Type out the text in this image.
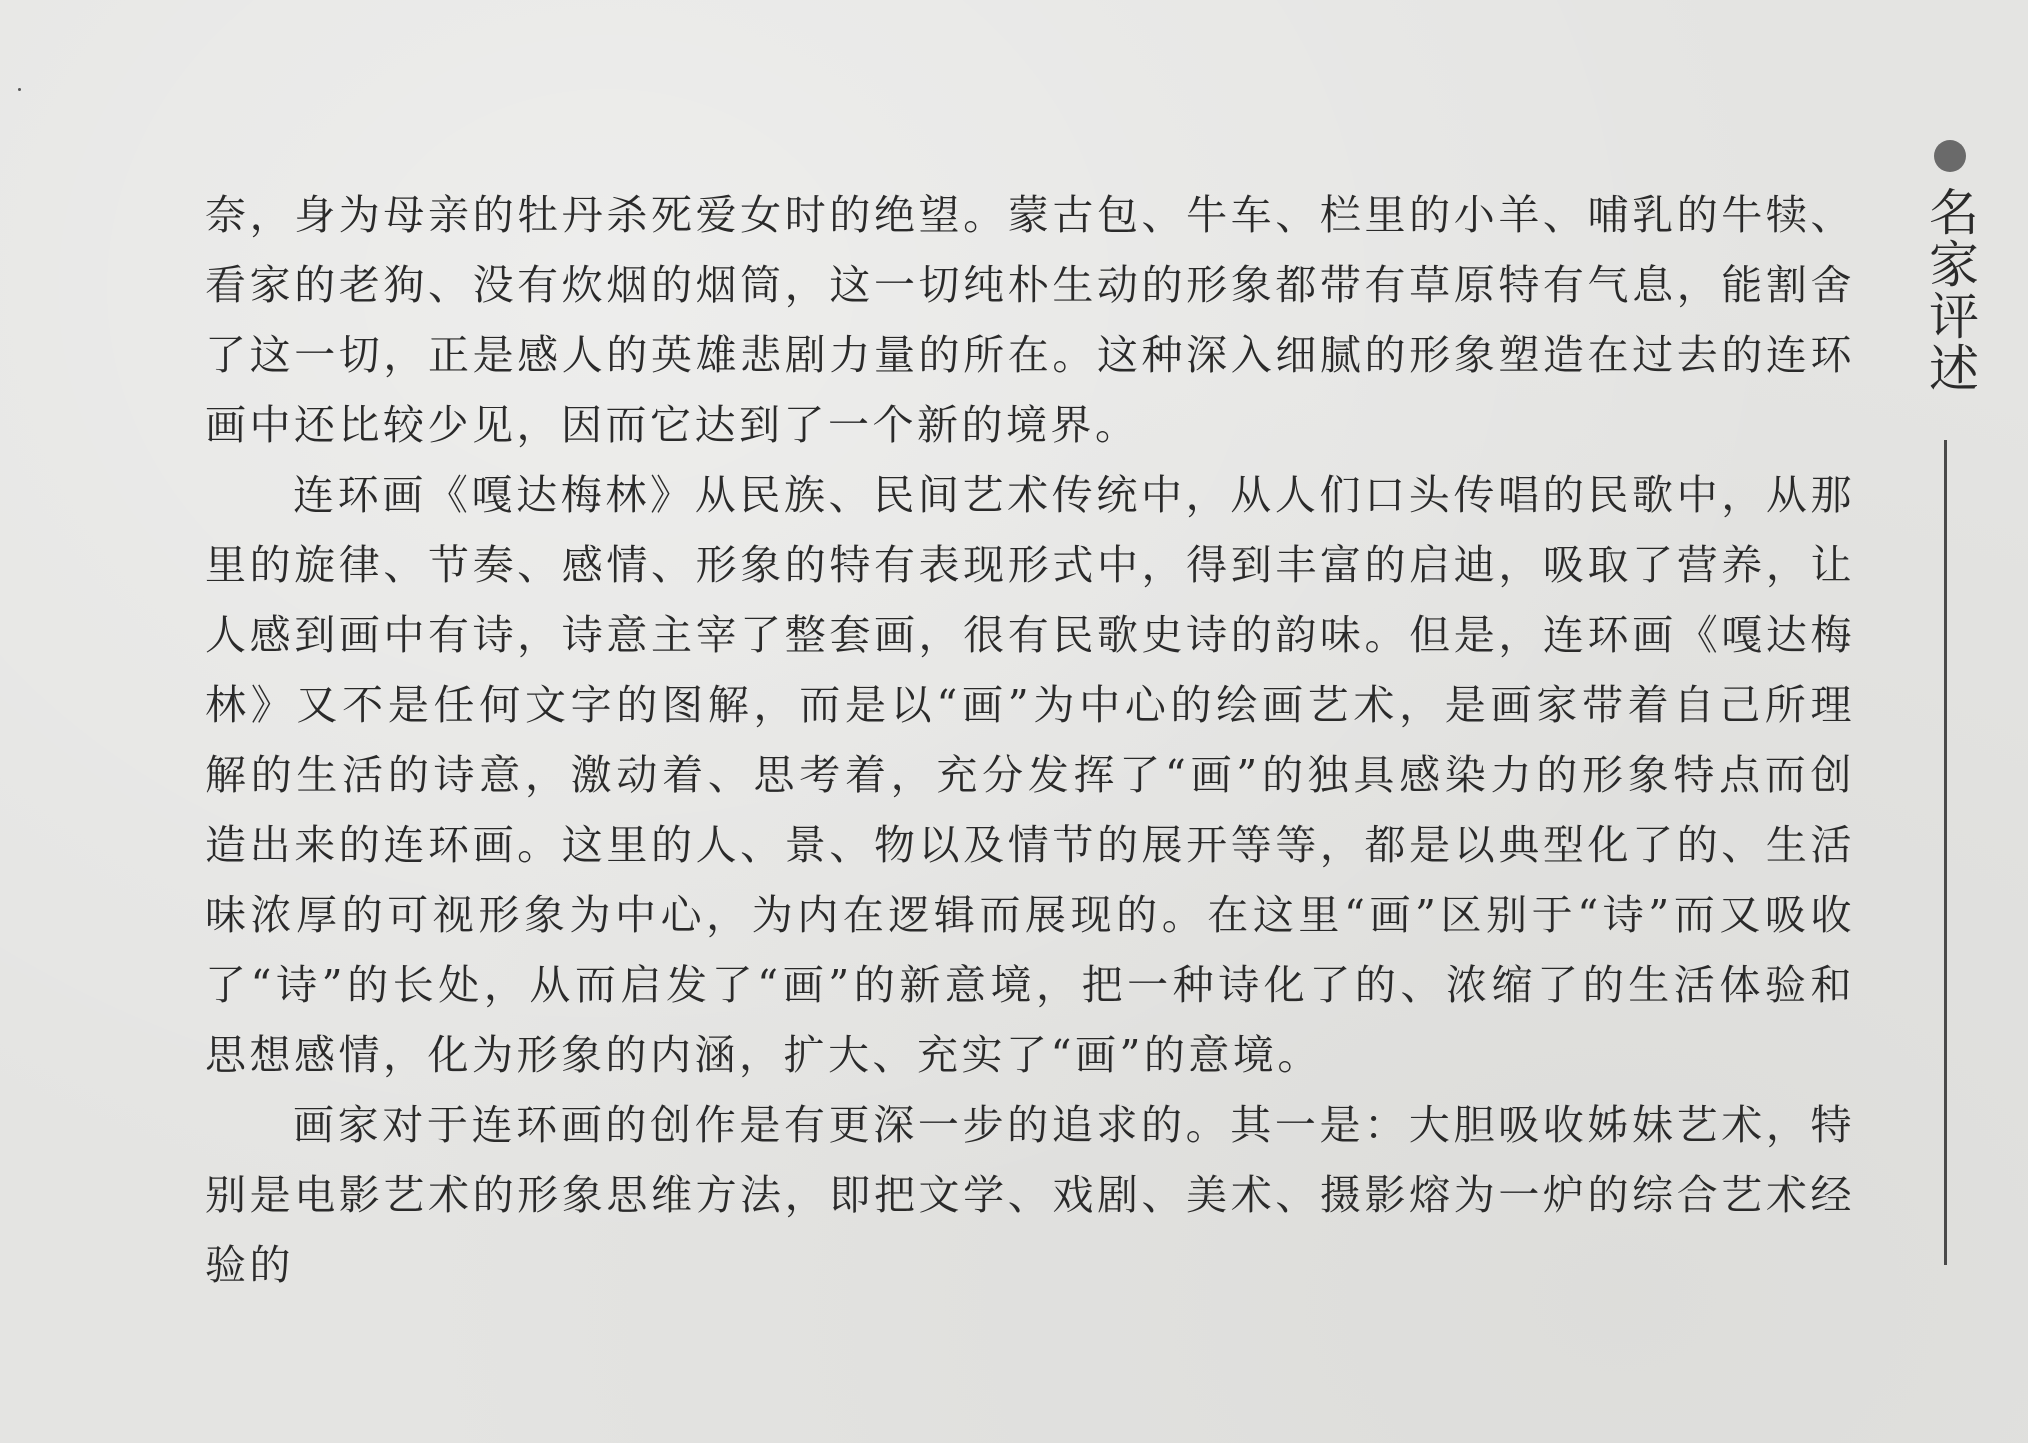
奈，身为母亲的牡丹杀死爱女时的绝望。蒙古包、牛车、栏里的小羊、哺乳的牛犊、看家的老狗、没有炊烟的烟筒，这一切纯朴生动的形象都带有草原特有气息，能割舍了这一切，正是感人的英雄悲剧力量的所在。这种深入细腻的形象塑造在过去的连环画中还比较少见，因而它达到了一个新的境界。

连环画《嘎达梅林》从民族、民间艺术传统中，从人们口头传唱的民歌中，从那里的旋律、节奏、感情、形象的特有表现形式中，得到丰富的启迪，吸取了营养，让人感到画中有诗，诗意主宰了整套画，很有民歌史诗的韵味。但是，连环画《嘎达梅林》又不是任何文字的图解，而是以“画”为中心的绘画艺术，是画家带着自己所理解的生活的诗意，激动着、思考着，充分发挥了“画”的独具感染力的形象特点而创造出来的连环画。这里的人、景、物以及情节的展开等等，都是以典型化了的、生活味浓厚的可视形象为中心，为内在逻辑而展现的。在这里“画”区别于“诗”而又吸收了“诗”的长处，从而启发了“画”的新意境，把一种诗化了的、浓缩了的生活体验和思想感情，化为形象的内涵，扩大、充实了“画”的意境。

画家对于连环画的创作是有更深一步的追求的。其一是：大胆吸收姊妹艺术，特别是电影艺术的形象思维方法，即把文学、戏剧、美术、摄影熔为一炉的综合艺术经验的

名家评述
